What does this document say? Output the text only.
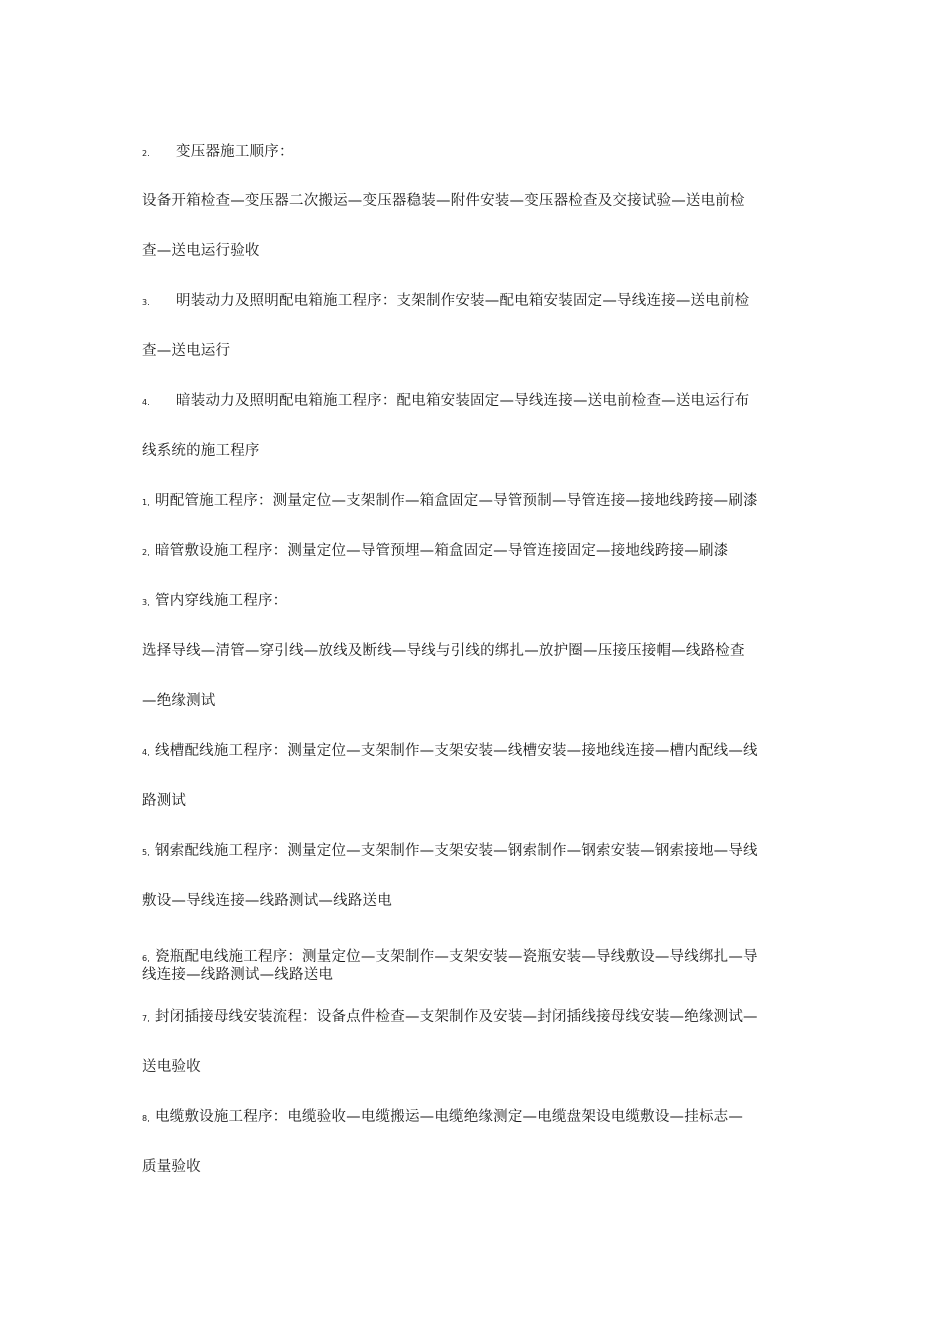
2. 变压器施工顺序：
设备开箱检查—变压器二次搬运—变压器稳装—附件安装—变压器检查及交接试验—送电前检
查—送电运行验收
3. 明装动力及照明配电箱施工程序：支架制作安装—配电箱安装固定—导线连接—送电前检
查—送电运行
4. 暗装动力及照明配电箱施工程序：配电箱安装固定—导线连接—送电前检查—送电运行布
线系统的施工程序
1, 明配管施工程序：测量定位—支架制作—箱盒固定—导管预制—导管连接—接地线跨接—刷漆
2, 暗管敷设施工程序：测量定位—导管预埋—箱盒固定—导管连接固定—接地线跨接—刷漆
3, 管内穿线施工程序：
选择导线—清管—穿引线—放线及断线—导线与引线的绑扎—放护圈—压接压接帽—线路检查
—绝缘测试
4, 线槽配线施工程序：测量定位—支架制作—支架安装—线槽安装—接地线连接—槽内配线—线
路测试
5, 钢索配线施工程序：测量定位—支架制作—支架安装—钢索制作—钢索安装—钢索接地—导线
敷设—导线连接—线路测试—线路送电
6, 瓷瓶配电线施工程序：测量定位—支架制作—支架安装—瓷瓶安装—导线敷设—导线绑扎—导
线连接—线路测试—线路送电
7, 封闭插接母线安装流程：设备点件检查—支架制作及安装—封闭插线接母线安装—绝缘测试—
送电验收
8, 电缆敷设施工程序：电缆验收—电缆搬运—电缆绝缘测定—电缆盘架设电缆敷设—挂标志—
质量验收
